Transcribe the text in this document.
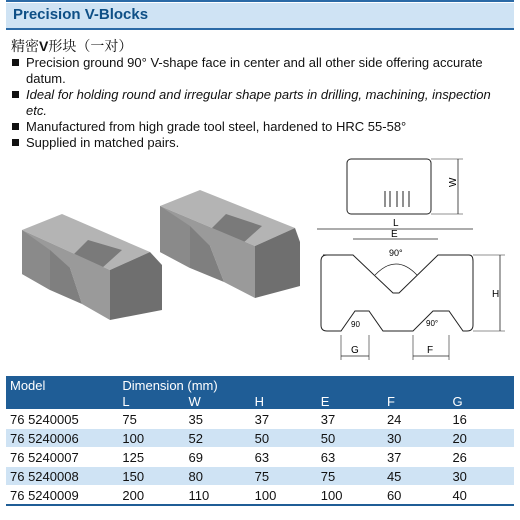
Precision V-Blocks
精密V形块（一对）
Precision ground 90° V-shape face in center and all other side offering accurate datum.
Ideal for holding round and irregular shape parts in drilling, machining, inspection etc.
Manufactured from high grade tool steel, hardened to HRC 55-58°
Supplied in matched pairs.
W
L
E
90°
H
90	90°
G	F
Model	Dimension (mm)					
	L	W	H	E	F	G
76 5240005	75	35	37	37	24	16
76 5240006	100	52	50	50	30	20
76 5240007	125	69	63	63	37	26
76 5240008	150	80	75	75	45	30
76 5240009	200	110	100	100	60	40
